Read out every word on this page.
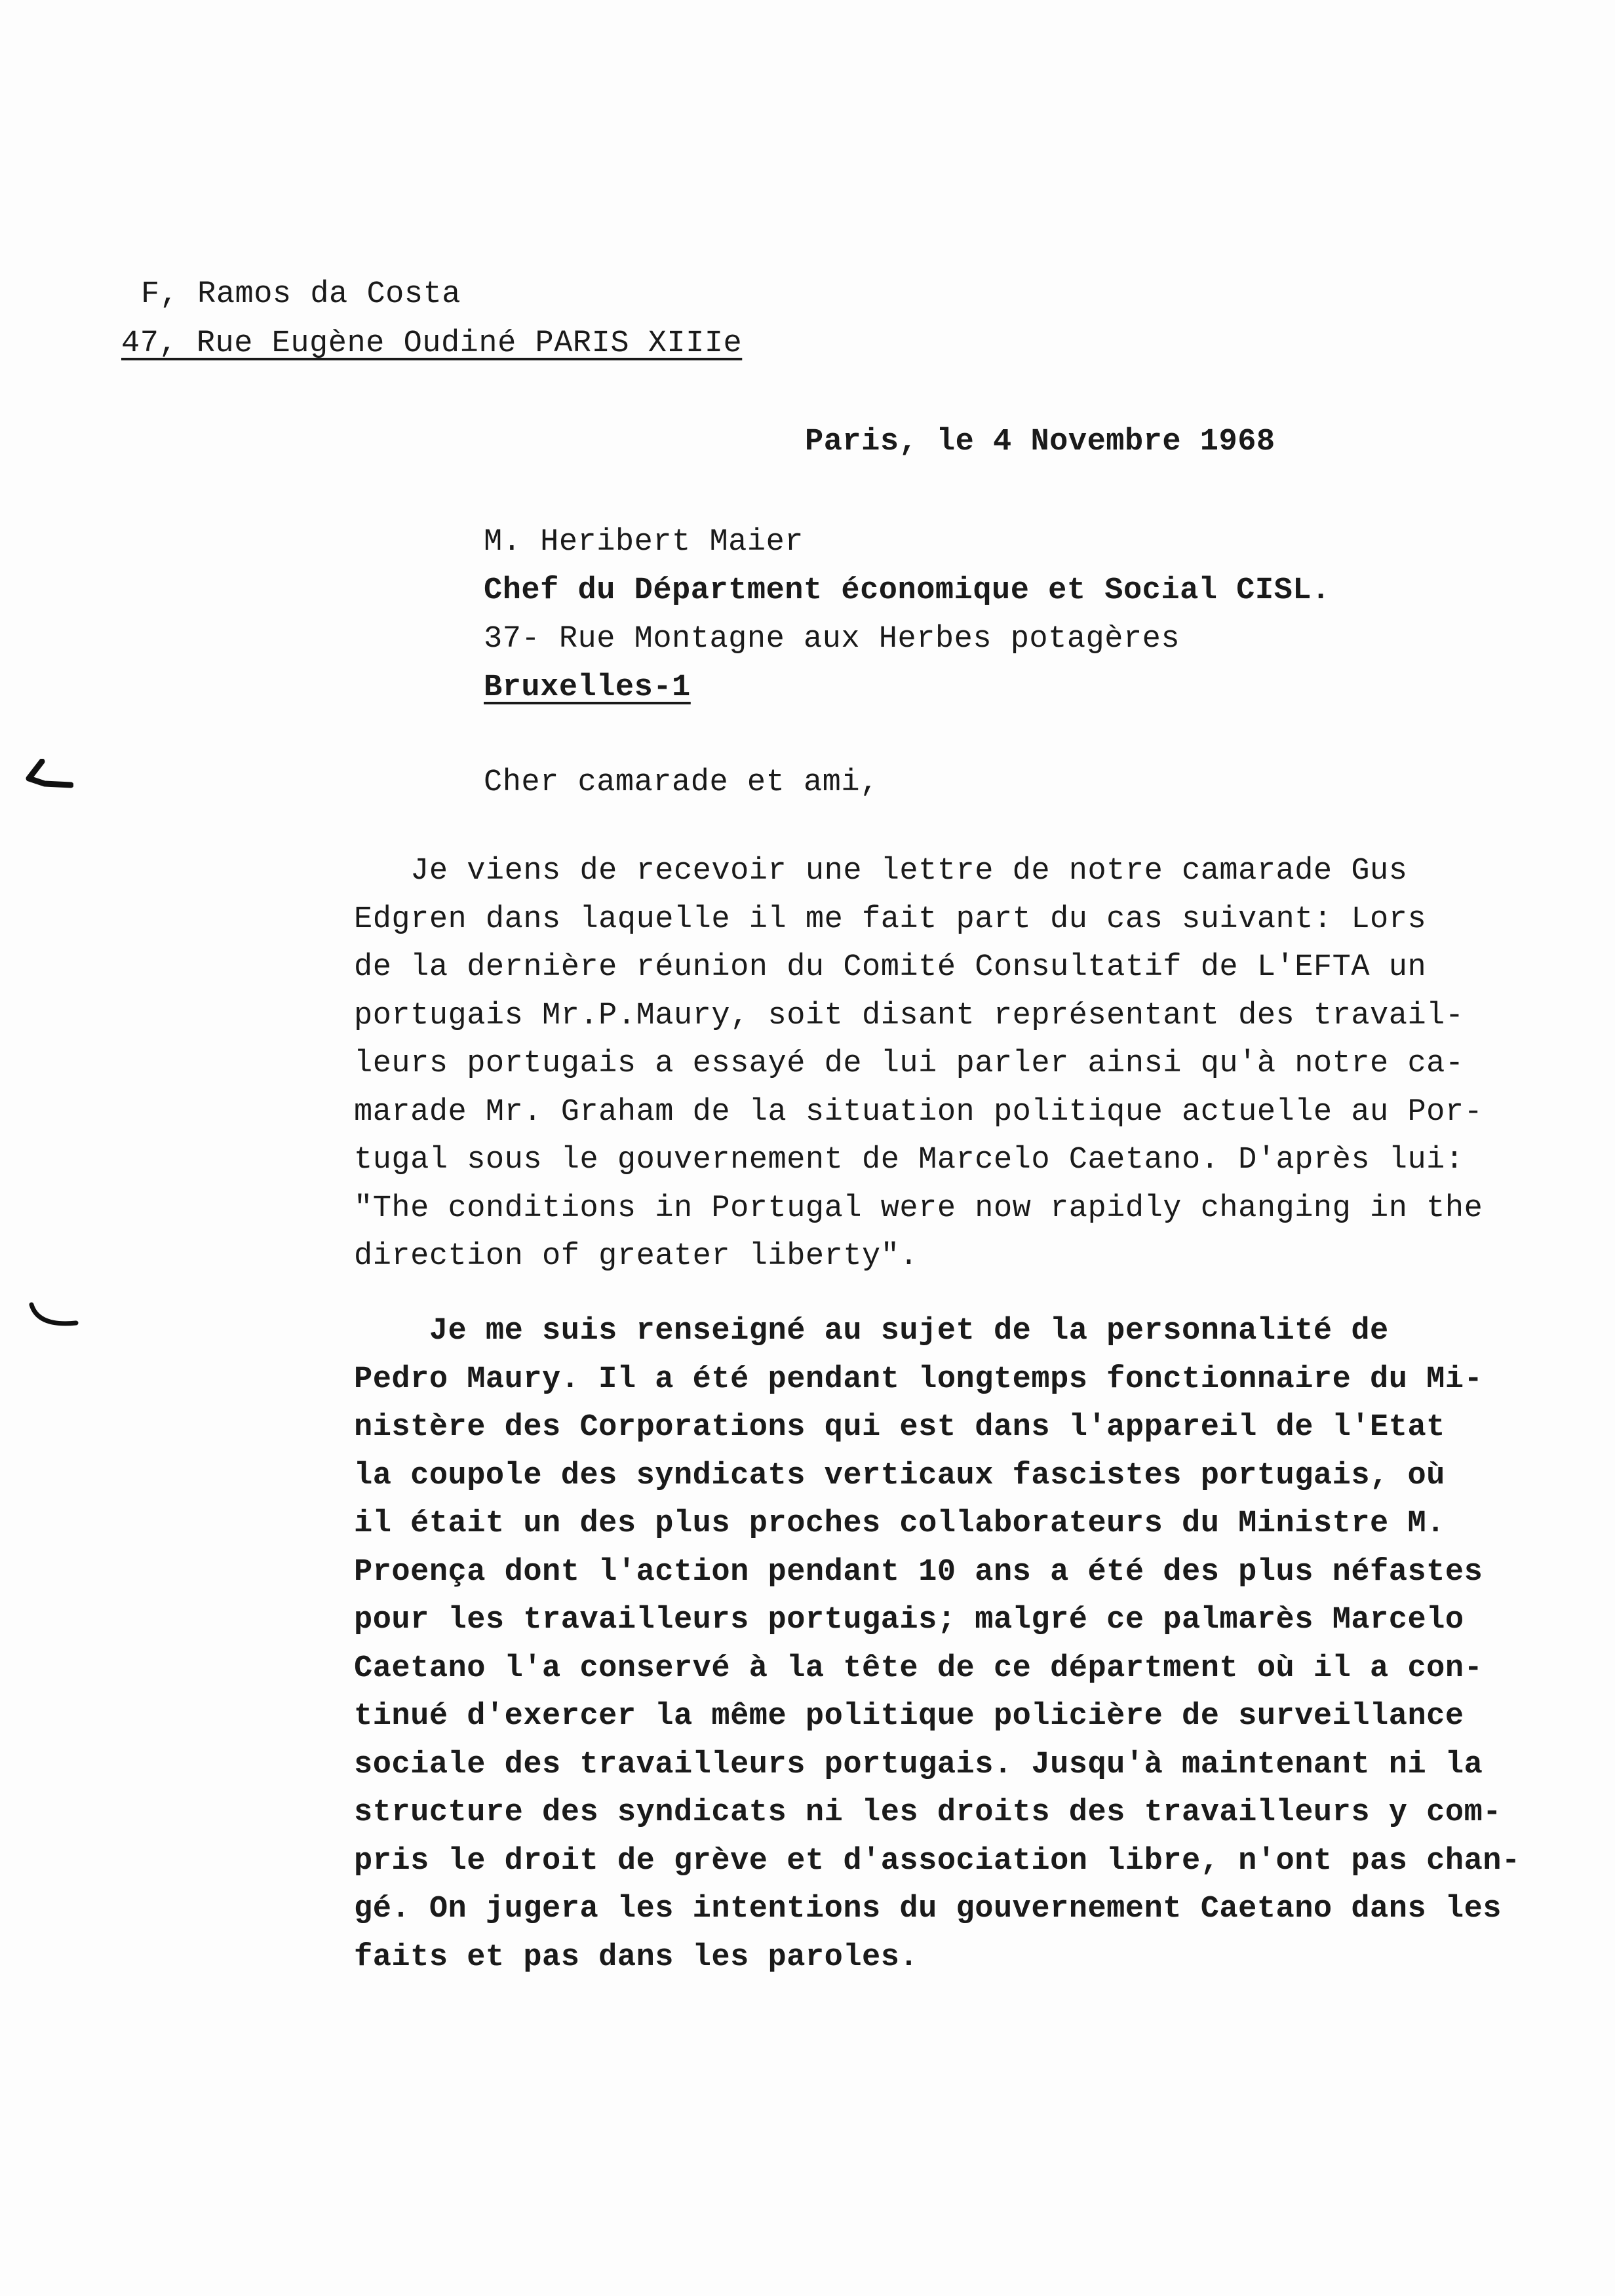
F, Ramos da Costa
47, Rue Eugène Oudiné PARIS XIIIe
Paris, le 4 Novembre 1968
M. Heribert Maier
Chef du Départment économique et Social CISL.
37- Rue Montagne aux Herbes potagères
Bruxelles-1
Cher camarade et ami,
Je viens de recevoir une lettre de notre camarade Gus
Edgren dans laquelle il me fait part du cas suivant: Lors
de la dernière réunion du Comité Consultatif de L'EFTA un
portugais Mr.P.Maury, soit disant représentant des travail-
leurs portugais a essayé de lui parler ainsi qu'à notre ca-
marade Mr. Graham de la situation politique actuelle au Por-
tugal sous le gouvernement de Marcelo Caetano. D'après lui:
"The conditions in Portugal were now rapidly changing in the
direction of greater liberty".
Je me suis renseigné au sujet de la personnalité de
Pedro Maury. Il a été pendant longtemps fonctionnaire du Mi-
nistère des Corporations qui est dans l'appareil de l'Etat
la coupole des syndicats verticaux fascistes portugais, où
il était un des plus proches collaborateurs du Ministre M.
Proença dont l'action pendant 10 ans a été des plus néfastes
pour les travailleurs portugais; malgré ce palmarès Marcelo
Caetano l'a conservé à la tête de ce départment où il a con-
tinué d'exercer la même politique policière de surveillance
sociale des travailleurs portugais. Jusqu'à maintenant ni la
structure des syndicats ni les droits des travailleurs y com-
pris le droit de grève et d'association libre, n'ont pas chan-
gé. On jugera les intentions du gouvernement Caetano dans les
faits et pas dans les paroles.
